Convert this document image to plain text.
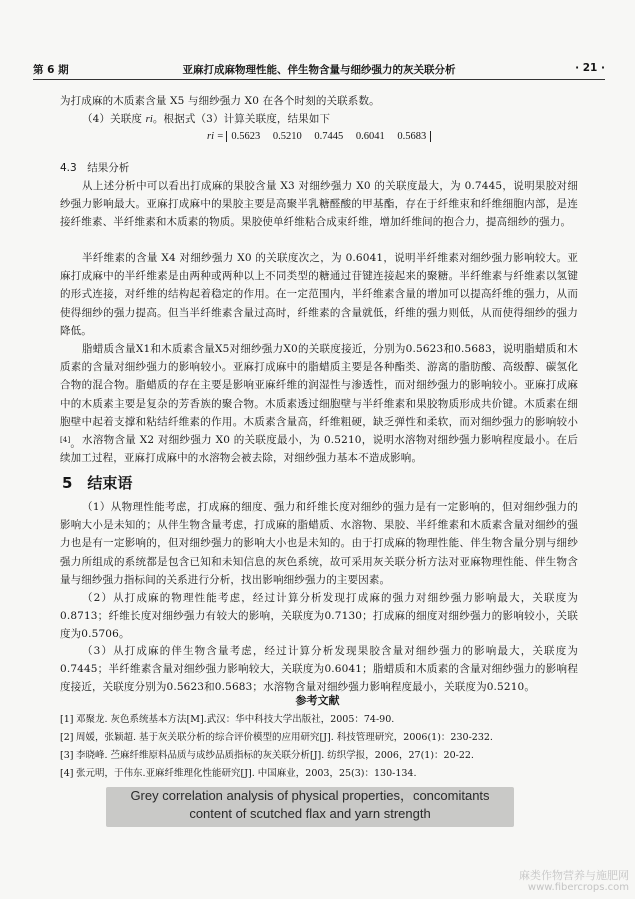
第 6 期	亚麻打成麻物理性能、伴生物含量与细纱强力的灰关联分析	· 21 ·
为打成麻的木质素含量 X5 与细纱强力 X0 在各个时刻的关联系数。
（4）关联度 ri。根据式（3）计算关联度，结果如下
ri = 0.5623 0.5210 0.7445 0.6041 0.5683
4.3　结果分析
从上述分析中可以看出打成麻的果胶含量 X3 对细纱强力 X0 的关联度最大，为 0.7445，说明果胶对细纱强力影响最大。亚麻打成麻中的果胶主要是高聚半乳糖醛酸的甲基酯，存在于纤维束和纤维细胞内部，是连接纤维素、半纤维素和木质素的物质。果胶使单纤维粘合成束纤维，增加纤维间的抱合力，提高细纱的强力。
半纤维素的含量 X4 对细纱强力 X0 的关联度次之，为 0.6041，说明半纤维素对细纱强力影响较大。亚麻打成麻中的半纤维素是由两种或两种以上不同类型的糖通过苷键连接起来的聚糖。半纤维素与纤维素以氢键的形式连接，对纤维的结构起着稳定的作用。在一定范围内，半纤维素含量的增加可以提高纤维的强力，从而使得细纱的强力提高。但当半纤维素含量过高时，纤维素的含量就低，纤维的强力则低，从而使得细纱的强力降低。
脂蜡质含量X1和木质素含量X5对细纱强力X0的关联度接近，分别为0.5623和0.5683，说明脂蜡质和木质素的含量对细纱强力的影响较小。亚麻打成麻中的脂蜡质主要是各种酯类、游离的脂肪酸、高级醇、碳氢化合物的混合物。脂蜡质的存在主要是影响亚麻纤维的润湿性与渗透性，而对细纱强力的影响较小。亚麻打成麻中的木质素主要是复杂的芳香族的聚合物。木质素透过细胞壁与半纤维素和果胶物质形成共价键。木质素在细胞壁中起着支撑和粘结纤维素的作用。木质素含量高，纤维粗硬，缺乏弹性和柔软，而对细纱强力的影响较小[4]。 水溶物含量 X2 对细纱强力 X0 的关联度最小，为 0.5210，说明水溶物对细纱强力影响程度最小。在后续加工过程，亚麻打成麻中的水溶物会被去除，对细纱强力基本不造成影响。
5　结束语
（1）从物理性能考虑，打成麻的细度、强力和纤维长度对细纱的强力是有一定影响的，但对细纱强力的影响大小是未知的；从伴生物含量考虑，打成麻的脂蜡质、水溶物、果胶、半纤维素和木质素含量对细纱的强力也是有一定影响的，但对细纱强力的影响大小也是未知的。由于打成麻的物理性能、伴生物含量分别与细纱强力所组成的系统都是包含已知和未知信息的灰色系统，故可采用灰关联分析方法对亚麻物理性能、伴生物含量与细纱强力指标间的关系进行分析，找出影响细纱强力的主要因素。
（2）从打成麻的物理性能考虑，经过计算分析发现打成麻的强力对细纱强力影响最大，关联度为0.8713；纤维长度对细纱强力有较大的影响，关联度为0.7130；打成麻的细度对细纱强力的影响较小，关联度为0.5706。
（3）从打成麻的伴生物含量考虑，经过计算分析发现果胶含量对细纱强力的影响最大，关联度为0.7445；半纤维素含量对细纱强力影响较大，关联度为0.6041；脂蜡质和木质素的含量对细纱强力的影响程度接近，关联度分别为0.5623和0.5683；水溶物含量对细纱强力影响程度最小，关联度为0.5210。
参考文献
[1] 邓聚龙. 灰色系统基本方法[M].武汉：华中科技大学出版社，2005：74-90.
[2] 周媛，张颖超. 基于灰关联分析的综合评价模型的应用研究[J]. 科技管理研究，2006(1)：230-232.
[3] 李晓峰. 苎麻纤维原料品质与成纱品质指标的灰关联分析[J]. 纺织学报，2006，27(1)：20-22.
[4] 张元明，于伟东.亚麻纤维理化性能研究[J]. 中国麻业，2003，25(3)：130-134.
Grey correlation analysis of physical properties，concomitants
content of scutched flax and yarn strength
麻类作物营养与施肥网
www.fibercrops.com
